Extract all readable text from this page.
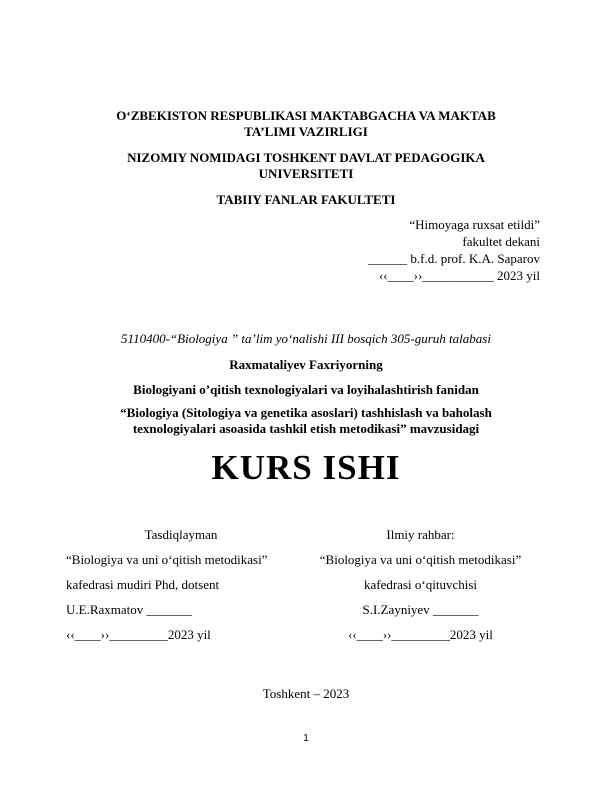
O‘ZBEKISTON RESPUBLIKASI MAKTABGACHA VA MAKTAB
TA’LIMI VAZIRLIGI
NIZOMIY NOMIDAGI TOSHKENT DAVLAT PEDAGOGIKA
UNIVERSITETI
TABIIY FANLAR FAKULTETI
“Himoyaga ruxsat etildi”
fakultet dekani
______ b.f.d. prof. K.A. Saparov
‹‹____››___________ 2023 yil
5110400-“Biologiya ” ta’lim yo‘nalishi III bosqich 305-guruh talabasi
Raxmataliyev Faxriyorning
Biologiyani o’qitish texnologiyalari va loyihalashtirish fanidan
“Biologiya (Sitologiya va genetika asoslari) tashhislash va baholash
texnologiyalari asoasida tashkil etish metodikasi” mavzusidagi
KURS ISHI
Tasdiqlayman
“Biologiya va uni o‘qitish metodikasi”
kafedrasi mudiri Phd, dotsent
U.E.Raxmatov _______
‹‹____››_________2023 yil
Ilmiy rahbar:
“Biologiya va uni o‘qitish metodikasi”
kafedrasi o‘qituvchisi
S.I.Zayniyev _______
‹‹____››_________2023 yil
Toshkent – 2023
1
